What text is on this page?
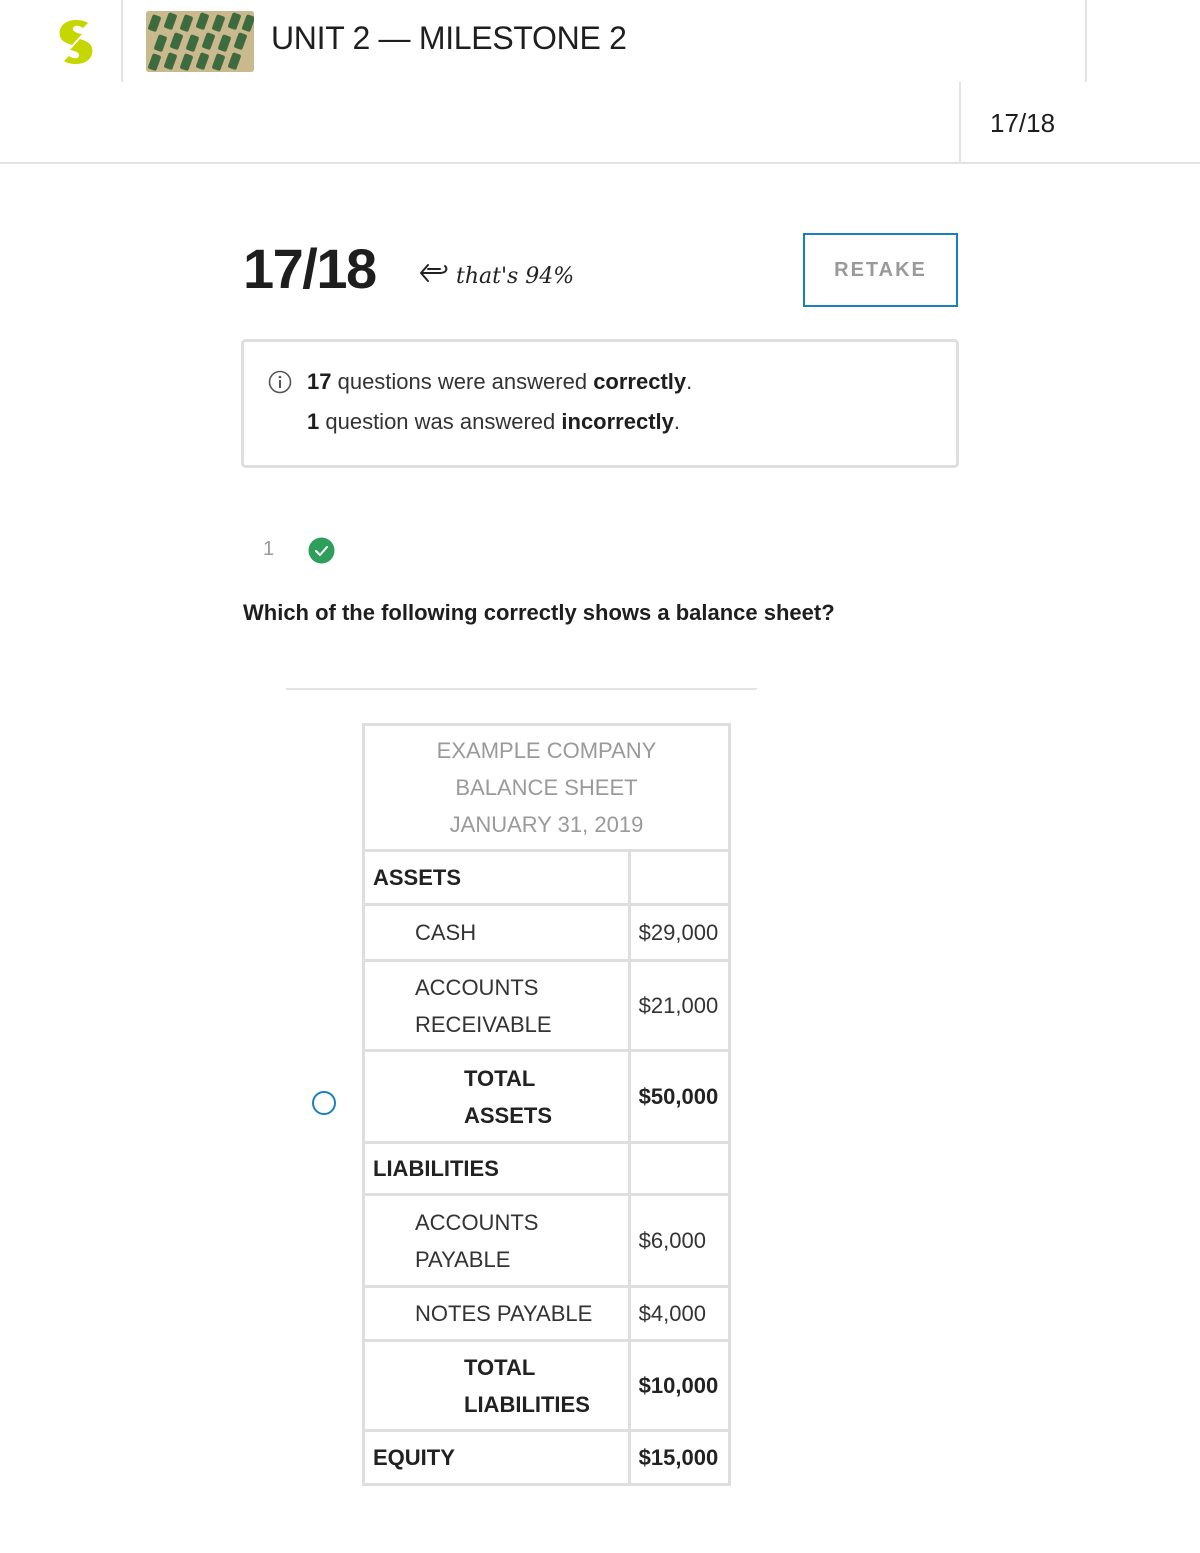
UNIT 2 — MILESTONE 2
17/18
17/18	that's 94%	RETAKE
17 questions were answered correctly.
1 question was answered incorrectly.
1
Which of the following correctly shows a balance sheet?
EXAMPLE COMPANY
BALANCE SHEET
JANUARY 31, 2019	

ASSETS	
CASH	$29,000
ACCOUNTS RECEIVABLE	$21,000
TOTAL ASSETS	$50,000
LIABILITIES	
ACCOUNTS PAYABLE	$6,000
NOTES PAYABLE	$4,000
TOTAL LIABILITIES	$10,000
EQUITY	$15,000
